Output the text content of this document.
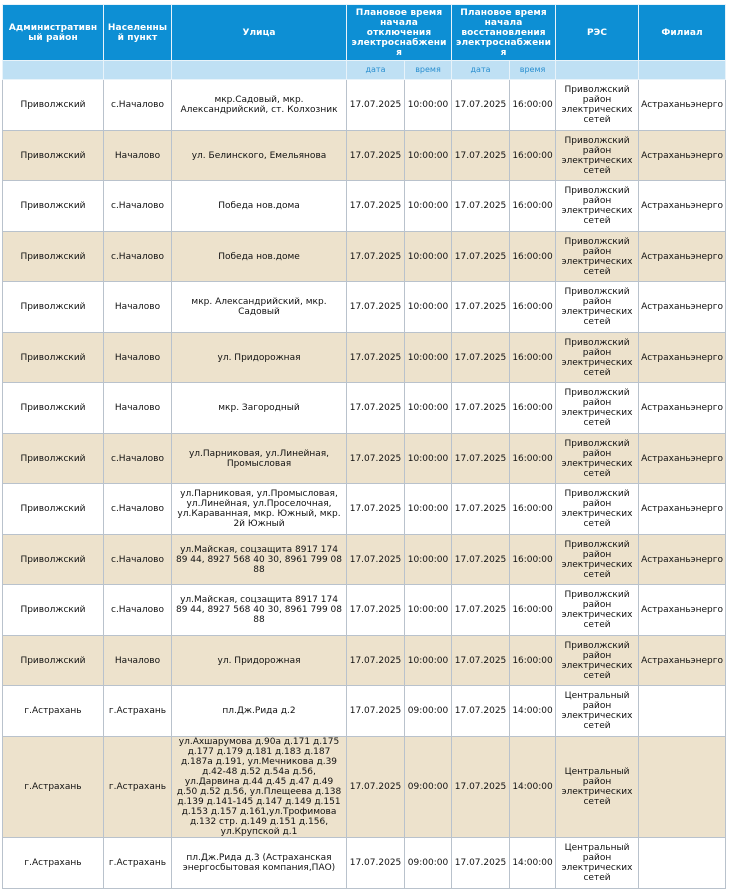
Административный район	Населенный пункт	Улица	Плановое время начала отключения электроснабжения		Плановое время начала восстановления электроснабжения		РЭС	Филиал
			дата	время	дата	время		
Приволжский	с.Началово	мкр.Садовый, мкр. Александрийский, ст. Колхозник	17.07.2025	10:00:00	17.07.2025	16:00:00	Приволжский район электрических сетей	Астраханьэнерго
Приволжский	Началово	ул. Белинского, Емельянова	17.07.2025	10:00:00	17.07.2025	16:00:00	Приволжский район электрических сетей	Астраханьэнерго
Приволжский	с.Началово	Победа нов.дома	17.07.2025	10:00:00	17.07.2025	16:00:00	Приволжский район электрических сетей	Астраханьэнерго
Приволжский	с.Началово	Победа нов.доме	17.07.2025	10:00:00	17.07.2025	16:00:00	Приволжский район электрических сетей	Астраханьэнерго
Приволжский	Началово	мкр. Александрийский, мкр. Садовый	17.07.2025	10:00:00	17.07.2025	16:00:00	Приволжский район электрических сетей	Астраханьэнерго
Приволжский	Началово	ул. Придорожная	17.07.2025	10:00:00	17.07.2025	16:00:00	Приволжский район электрических сетей	Астраханьэнерго
Приволжский	Началово	мкр. Загородный	17.07.2025	10:00:00	17.07.2025	16:00:00	Приволжский район электрических сетей	Астраханьэнерго
Приволжский	с.Началово	ул.Парниковая, ул.Линейная, Промысловая	17.07.2025	10:00:00	17.07.2025	16:00:00	Приволжский район электрических сетей	Астраханьэнерго
Приволжский	с.Началово	ул.Парниковая, ул.Промысловая, ул.Линейная, ул.Проселочная, ул.Караванная, мкр. Южный, мкр. 2й Южный	17.07.2025	10:00:00	17.07.2025	16:00:00	Приволжский район электрических сетей	Астраханьэнерго
Приволжский	с.Началово	ул.Майская, соцзащита 8917 174 89 44, 8927 568 40 30, 8961 799 08 88	17.07.2025	10:00:00	17.07.2025	16:00:00	Приволжский район электрических сетей	Астраханьэнерго
Приволжский	с.Началово	ул.Майская, соцзащита 8917 174 89 44, 8927 568 40 30, 8961 799 08 88	17.07.2025	10:00:00	17.07.2025	16:00:00	Приволжский район электрических сетей	Астраханьэнерго
Приволжский	Началово	ул. Придорожная	17.07.2025	10:00:00	17.07.2025	16:00:00	Приволжский район электрических сетей	Астраханьэнерго
г.Астрахань	г.Астрахань	пл.Дж.Рида д.2	17.07.2025	09:00:00	17.07.2025	14:00:00	Центральный район электрических сетей	
г.Астрахань	г.Астрахань	ул.Ахшарумова д.90а д.171 д.175 д.177 д.179 д.181 д.183 д.187 д.187а д.191, ул.Мечникова д.39 д.42-48 д.52 д.54а д.56, ул.Дарвина д.44 д.45 д.47 д.49 д.50 д.52 д.56, ул.Плещеева д.138 д.139 д.141-145 д.147 д.149 д.151 д.153 д.157 д.161,ул.Трофимова д.132 стр. д.149 д.151 д.156, ул.Крупской д.1	17.07.2025	09:00:00	17.07.2025	14:00:00	Центральный район электрических сетей	
г.Астрахань	г.Астрахань	пл.Дж.Рида д.3 (Астраханская энергосбытовая компания,ПАО)	17.07.2025	09:00:00	17.07.2025	14:00:00	Центральный район электрических сетей	
